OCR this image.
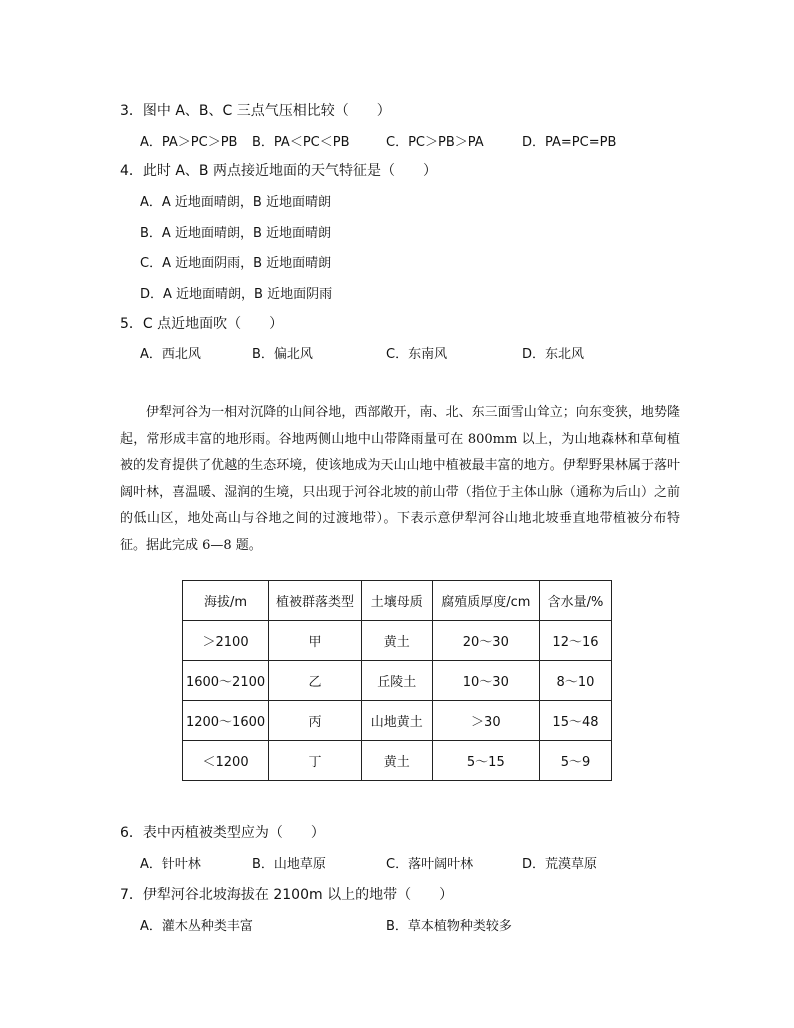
3．图中 A、B、C 三点气压相比较（　　）
A．PA＞PC＞PB B．PA＜PC＜PB	C．PC＞PB＞PA	D．PA=PC=PB
4．此时 A、B 两点接近地面的天气特征是（　　）
A．A 近地面晴朗，B 近地面晴朗
B．A 近地面晴朗，B 近地面晴朗
C．A 近地面阴雨，B 近地面晴朗
D．A 近地面晴朗，B 近地面阴雨
5．C 点近地面吹（　　）
A．西北风	B．偏北风	C．东南风	D．东北风

伊犁河谷为一相对沉降的山间谷地，西部敞开，南、北、东三面雪山耸立；向东变狭，地势隆起，常形成丰富的地形雨。谷地两侧山地中山带降雨量可在 800mm 以上，为山地森林和草甸植被的发育提供了优越的生态环境，使该地成为天山山地中植被最丰富的地方。伊犁野果林属于落叶阔叶林，喜温暖、湿润的生境，只出现于河谷北坡的前山带（指位于主体山脉（通称为后山）之前的低山区，地处高山与谷地之间的过渡地带）。下表示意伊犁河谷山地北坡垂直地带植被分布特征。据此完成 6—8 题。

海拔/m	植被群落类型	土壤母质	腐殖质厚度/cm	含水量/%
＞2100	甲	黄土	20～30	12～16
1600～2100	乙	丘陵土	10～30	8～10
1200～1600	丙	山地黄土	＞30	15～48
＜1200	丁	黄土	5～15	5～9
6．表中丙植被类型应为（　　）
A．针叶林	B．山地草原	C．落叶阔叶林	D．荒漠草原
7．伊犁河谷北坡海拔在 2100m 以上的地带（　　）
A．灌木丛种类丰富	B．草本植物种类较多
